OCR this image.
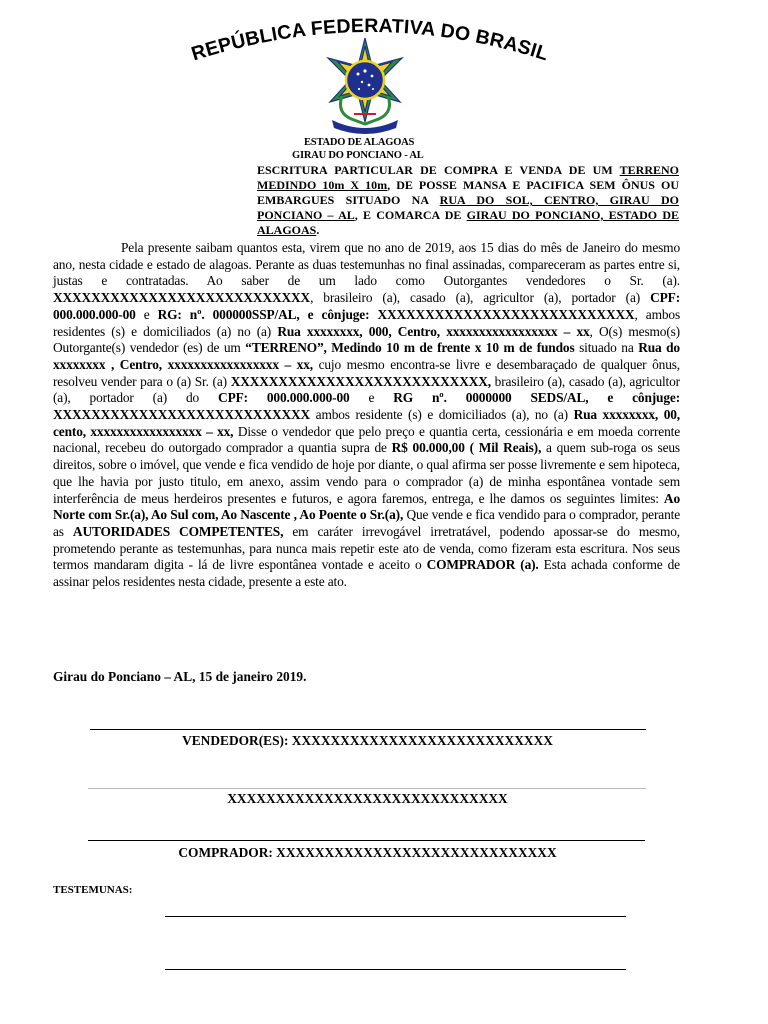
REPÚBLICA FEDERATIVA DO BRASIL
ESTADO DE ALAGOAS
GIRAU DO PONCIANO - AL
ESCRITURA PARTICULAR DE COMPRA E VENDA DE UM TERRENO MEDINDO 10m X 10m, DE POSSE MANSA E PACIFICA SEM ÔNUS OU EMBARGUES SITUADO NA RUA DO SOL, CENTRO, GIRAU DO PONCIANO – AL, E COMARCA DE GIRAU DO PONCIANO, ESTADO DE ALAGOAS.

Pela presente saibam quantos esta, virem que no ano de 2019, aos 15 dias do mês de Janeiro do mesmo ano, nesta cidade e estado de alagoas. Perante as duas testemunhas no final assinadas, compareceram as partes entre si, justas e contratadas. Ao saber de um lado como Outorgantes vendedores o Sr. (a). XXXXXXXXXXXXXXXXXXXXXXXXXXX, brasileiro (a), casado (a), agricultor (a), portador (a) CPF: 000.000.000-00 e RG: nº. 000000SSP/AL, e cônjuge: XXXXXXXXXXXXXXXXXXXXXXXXXXX, ambos residentes (s) e domiciliados (a) no (a) Rua xxxxxxxx, 000, Centro, xxxxxxxxxxxxxxxxx – xx, O(s) mesmo(s) Outorgante(s) vendedor (es) de um “TERRENO”, Medindo 10 m de frente x 10 m de fundos situado na Rua do xxxxxxxx , Centro, xxxxxxxxxxxxxxxxx – xx, cujo mesmo encontra-se livre e desembaraçado de qualquer ônus, resolveu vender para o (a) Sr. (a) XXXXXXXXXXXXXXXXXXXXXXXXXXX, brasileiro (a), casado (a), agricultor (a), portador (a) do CPF: 000.000.000-00 e RG nº. 0000000 SEDS/AL, e cônjuge: XXXXXXXXXXXXXXXXXXXXXXXXXXX ambos residente (s) e domiciliados (a), no (a) Rua xxxxxxxx, 00, cento, xxxxxxxxxxxxxxxxx – xx, Disse o vendedor que pelo preço e quantia certa, cessionária e em moeda corrente nacional, recebeu do outorgado comprador a quantia supra de R$ 00.000,00 ( Mil Reais), a quem sub-roga os seus direitos, sobre o imóvel, que vende e fica vendido de hoje por diante, o qual afirma ser posse livremente e sem hipoteca, que lhe havia por justo titulo, em anexo, assim vendo para o comprador (a) de minha espontânea vontade sem interferência de meus herdeiros presentes e futuros, e agora faremos, entrega, e lhe damos os seguintes limites: Ao Norte com Sr.(a), Ao Sul com, Ao Nascente , Ao Poente o Sr.(a), Que vende e fica vendido para o comprador, perante as AUTORIDADES COMPETENTES, em caráter irrevogável irretratável, podendo apossar-se do mesmo, prometendo perante as testemunhas, para nunca mais repetir este ato de venda, como fizeram esta escritura. Nos seus termos mandaram digita - lá de livre espontânea vontade e aceito o COMPRADOR (a). Esta achada conforme de assinar pelos residentes nesta cidade, presente a este ato.

Girau do Ponciano – AL, 15 de janeiro 2019.
VENDEDOR(ES): XXXXXXXXXXXXXXXXXXXXXXXXXXX
XXXXXXXXXXXXXXXXXXXXXXXXXXXXX
COMPRADOR: XXXXXXXXXXXXXXXXXXXXXXXXXXXXX
TESTEMUNAS:
